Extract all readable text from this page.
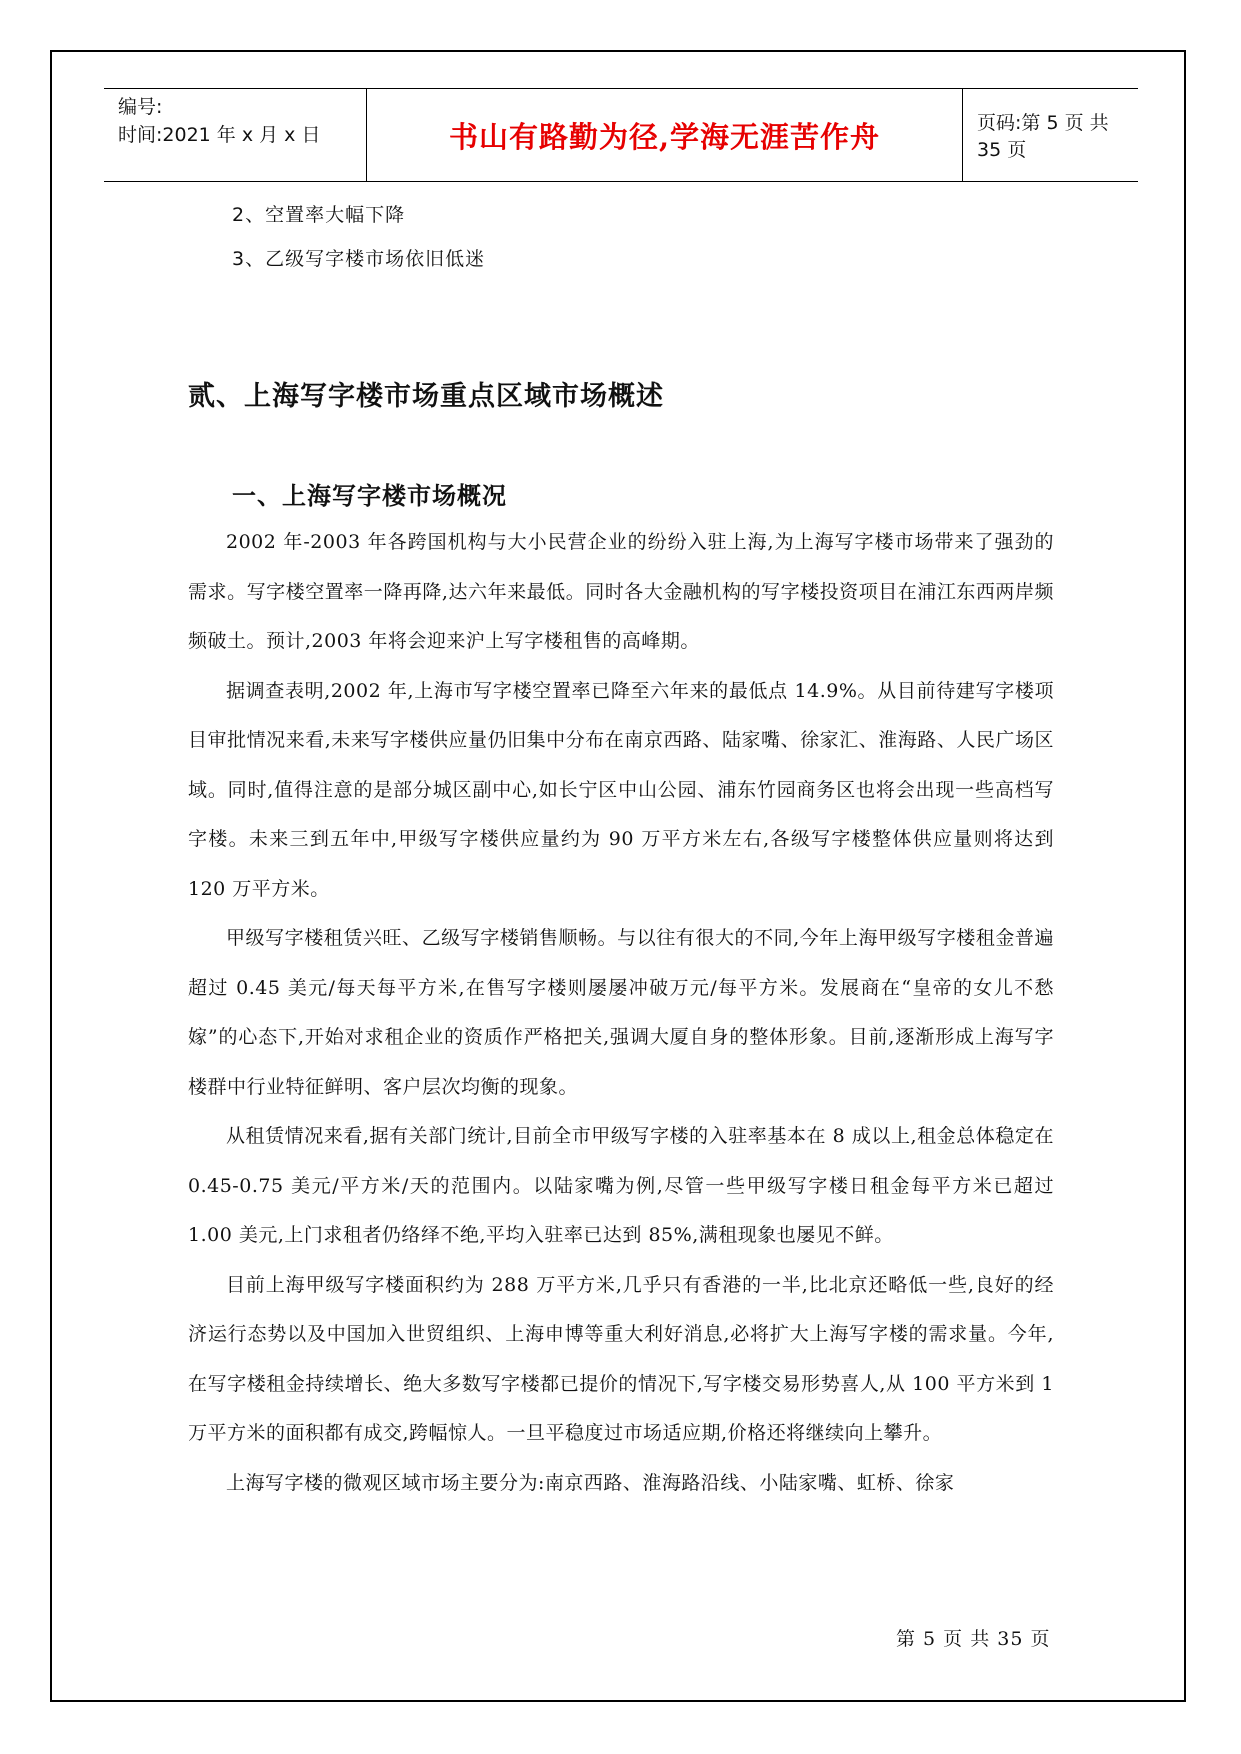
编号:
时间:2021 年 x 月 x 日	书山有路勤为径,学海无涯苦作舟	页码:第 5 页 共 35 页
2、空置率大幅下降
3、乙级写字楼市场依旧低迷
贰、上海写字楼市场重点区域市场概述
一、上海写字楼市场概况

2002 年-2003 年各跨国机构与大小民营企业的纷纷入驻上海,为上海写字楼市场带来了强劲的需求。写字楼空置率一降再降,达六年来最低。同时各大金融机构的写字楼投资项目在浦江东西两岸频频破土。预计,2003 年将会迎来沪上写字楼租售的高峰期。

据调查表明,2002 年,上海市写字楼空置率已降至六年来的最低点 14.9%。从目前待建写字楼项目审批情况来看,未来写字楼供应量仍旧集中分布在南京西路、陆家嘴、徐家汇、淮海路、人民广场区域。同时,值得注意的是部分城区副中心,如长宁区中山公园、浦东竹园商务区也将会出现一些高档写字楼。未来三到五年中,甲级写字楼供应量约为 90 万平方米左右,各级写字楼整体供应量则将达到 120 万平方米。

甲级写字楼租赁兴旺、乙级写字楼销售顺畅。与以往有很大的不同,今年上海甲级写字楼租金普遍超过 0.45 美元/每天每平方米,在售写字楼则屡屡冲破万元/每平方米。发展商在“皇帝的女儿不愁嫁”的心态下,开始对求租企业的资质作严格把关,强调大厦自身的整体形象。目前,逐渐形成上海写字楼群中行业特征鲜明、客户层次均衡的现象。

从租赁情况来看,据有关部门统计,目前全市甲级写字楼的入驻率基本在 8 成以上,租金总体稳定在 0.45-0.75 美元/平方米/天的范围内。以陆家嘴为例,尽管一些甲级写字楼日租金每平方米已超过 1.00 美元,上门求租者仍络绎不绝,平均入驻率已达到 85%,满租现象也屡见不鲜。

目前上海甲级写字楼面积约为 288 万平方米,几乎只有香港的一半,比北京还略低一些,良好的经济运行态势以及中国加入世贸组织、上海申博等重大利好消息,必将扩大上海写字楼的需求量。今年,在写字楼租金持续增长、绝大多数写字楼都已提价的情况下,写字楼交易形势喜人,从 100 平方米到 1 万平方米的面积都有成交,跨幅惊人。一旦平稳度过市场适应期,价格还将继续向上攀升。

上海写字楼的微观区域市场主要分为:南京西路、淮海路沿线、小陆家嘴、虹桥、徐家

第 5 页 共 35 页
